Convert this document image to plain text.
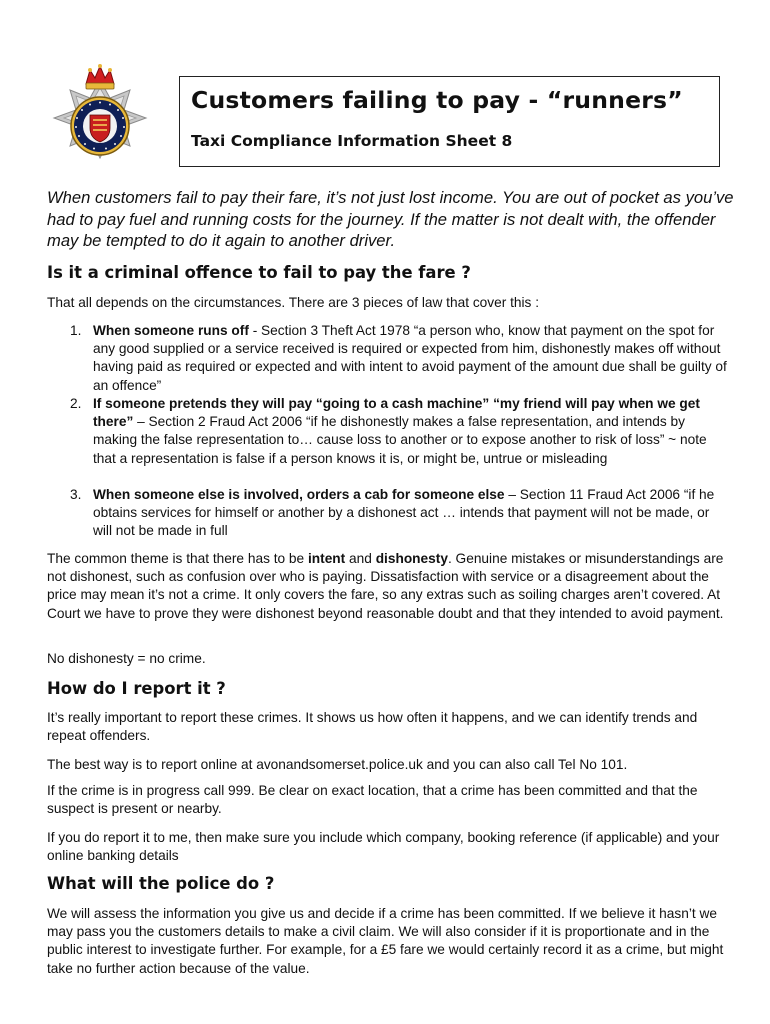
Customers failing to pay - “runners”
Taxi Compliance Information Sheet 8
When customers fail to pay their fare, it’s not just lost income. You are out of pocket as you’ve had to pay fuel and running costs for the journey. If the matter is not dealt with, the offender may be tempted to do it again to another driver.
Is it a criminal offence to fail to pay the fare ?
That all depends on the circumstances. There are 3 pieces of law that cover this :
1. When someone runs off - Section 3 Theft Act 1978 “a person who, know that payment on the spot for any good supplied or a service received is required or expected from him, dishonestly makes off without having paid as required or expected and with intent to avoid payment of the amount due shall be guilty of an offence”
2. If someone pretends they will pay “going to a cash machine” “my friend will pay when we get there” – Section 2 Fraud Act 2006 “if he dishonestly makes a false representation, and intends by making the false representation to… cause loss to another or to expose another to risk of loss” ~ note that a representation is false if a person knows it is, or might be, untrue or misleading
3. When someone else is involved, orders a cab for someone else – Section 11 Fraud Act 2006 “if he obtains services for himself or another by a dishonest act … intends that payment will not be made, or will not be made in full
The common theme is that there has to be intent and dishonesty. Genuine mistakes or misunderstandings are not dishonest, such as confusion over who is paying. Dissatisfaction with service or a disagreement about the price may mean it’s not a crime. It only covers the fare, so any extras such as soiling charges aren’t covered. At Court we have to prove they were dishonest beyond reasonable doubt and that they intended to avoid payment.
No dishonesty = no crime.
How do I report it ?
It’s really important to report these crimes. It shows us how often it happens, and we can identify trends and repeat offenders.
The best way is to report online at avonandsomerset.police.uk and you can also call Tel No 101.
If the crime is in progress call 999. Be clear on exact location, that a crime has been committed and that the suspect is present or nearby.
If you do report it to me, then make sure you include which company, booking reference (if applicable) and your online banking details
What will the police do ?
We will assess the information you give us and decide if a crime has been committed. If we believe it hasn’t we may pass you the customers details to make a civil claim. We will also consider if it is proportionate and in the public interest to investigate further. For example, for a £5 fare we would certainly record it as a crime, but might take no further action because of the value.
